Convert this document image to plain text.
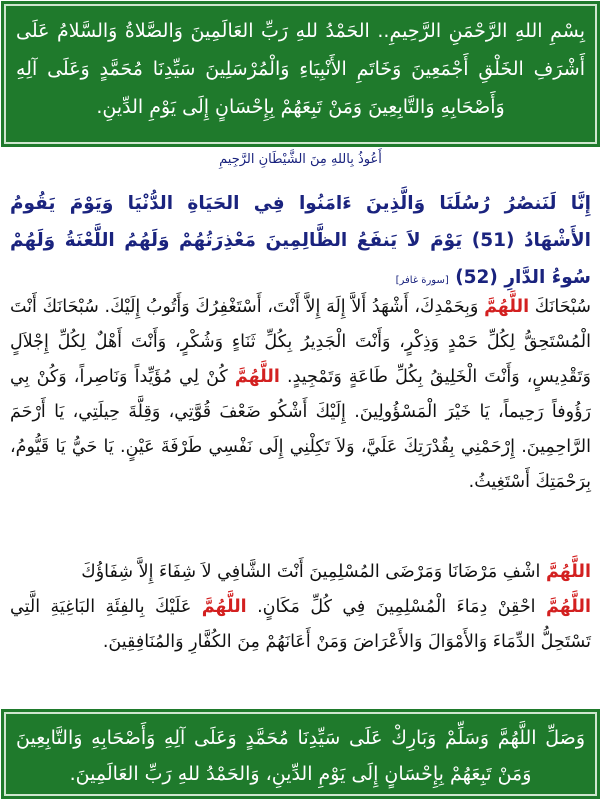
بِسْمِ اللهِ الرَّحْمَنِ الرَّحِيمِ.. الحَمْدُ للهِ رَبِّ العَالَمِينَ وَالصَّلاةُ وَالسَّلامُ عَلَى أَشْرَفِ الخَلْقِ أَجْمَعِينَ وَخَاتَمِ الأَنْبِيَاءِ وَالْمُرْسَلِينَ سَيِّدِنَا مُحَمَّدٍ وَعَلَى آلِهِ وَأَصْحَابِهِ وَالتَّابِعِينَ وَمَنْ تَبِعَهُمْ بِإِحْسَانٍ إِلَى يَوْمِ الدِّينِ.
أَعُوذُ بِاللهِ مِنَ الشَّيْطَانِ الرَّجِيمِ
إِنَّا لَنَنصُرُ رُسُلَنَا وَالَّذِينَ ءَامَنُوا فِي الحَيَاةِ الدُّنْيَا وَيَوْمَ يَقُومُ الأَشْهَادُ (51) يَوْمَ لاَ يَنفَعُ الظَّالِمِينَ مَعْذِرَتُهُمْ وَلَهُمُ اللَّعْنَةُ وَلَهُمْ سُوءُ الدَّارِ (52) [سورة غافر]
سُبْحَانَكَ اللَّهُمَّ وَبِحَمْدِكَ، أَشْهَدُ أَلاَّ إِلَهَ إِلاَّ أَنْتَ، أَسْتَغْفِرُكَ وَأَتُوبُ إِلَيْكَ. سُبْحَانَكَ أَنْتَ الْمُسْتَحِقُّ لِكُلِّ حَمْدٍ وَذِكْرٍ، وَأَنْتَ الْجَدِيرُ بِكُلِّ ثَنَاءٍ وَشُكْرٍ، وَأَنْتَ أَهْلٌ لِكُلِّ إِجْلاَلٍ وَتَقْدِيسٍ، وَأَنْتَ الْخَلِيقُ بِكُلِّ طَاعَةٍ وَتَمْجِيدٍ. اللَّهُمَّ كُنْ لِي مُؤَيِّداً وَنَاصِراً، وَكُنْ بِي رَؤُوفاً رَحِيماً، يَا خَيْرَ الْمَسْؤُولِينَ. إِلَيْكَ أَشْكُو ضَعْفَ قُوَّتِي، وَقِلَّةَ حِيلَتِي، يَا أَرْحَمَ الرَّاحِمِينَ. إِرْحَمْنِي بِقُدْرَتِكَ عَلَيَّ، وَلاَ تَكِلْنِي إِلَى نَفْسِي طَرْفَةَ عَيْنٍ. يَا حَيُّ يَا قَيُّومُ، بِرَحْمَتِكَ أَسْتَغِيثُ.
اللَّهُمَّ اشْفِ مَرْضَانَا وَمَرْضَى المُسْلِمِينَ أَنْتَ الشَّافِي لاَ شِفَاءَ إِلاَّ شِفَاؤُكَ
اللَّهُمَّ احْقِنْ دِمَاءَ الْمُسْلِمِينَ فِي كُلِّ مَكَانٍ. اللَّهُمَّ عَلَيْكَ بِالفِئَةِ البَاغِيَةِ الَّتِي تَسْتَحِلُّ الدِّمَاءَ وَالأَمْوَالَ وَالأَعْرَاضَ وَمَنْ أَعَانَهُمْ مِنَ الكُفَّارِ وَالمُنَافِقِينَ.
وَصَلِّ اللَّهُمَّ وَسَلِّمْ وَبَارِكْ عَلَى سَيِّدِنَا مُحَمَّدٍ وَعَلَى آلِهِ وَأَصْحَابِهِ وَالتَّابِعِينَ وَمَنْ تَبِعَهُمْ بِإِحْسَانٍ إِلَى يَوْمِ الدِّينِ، وَالحَمْدُ للهِ رَبِّ العَالَمِينَ.
